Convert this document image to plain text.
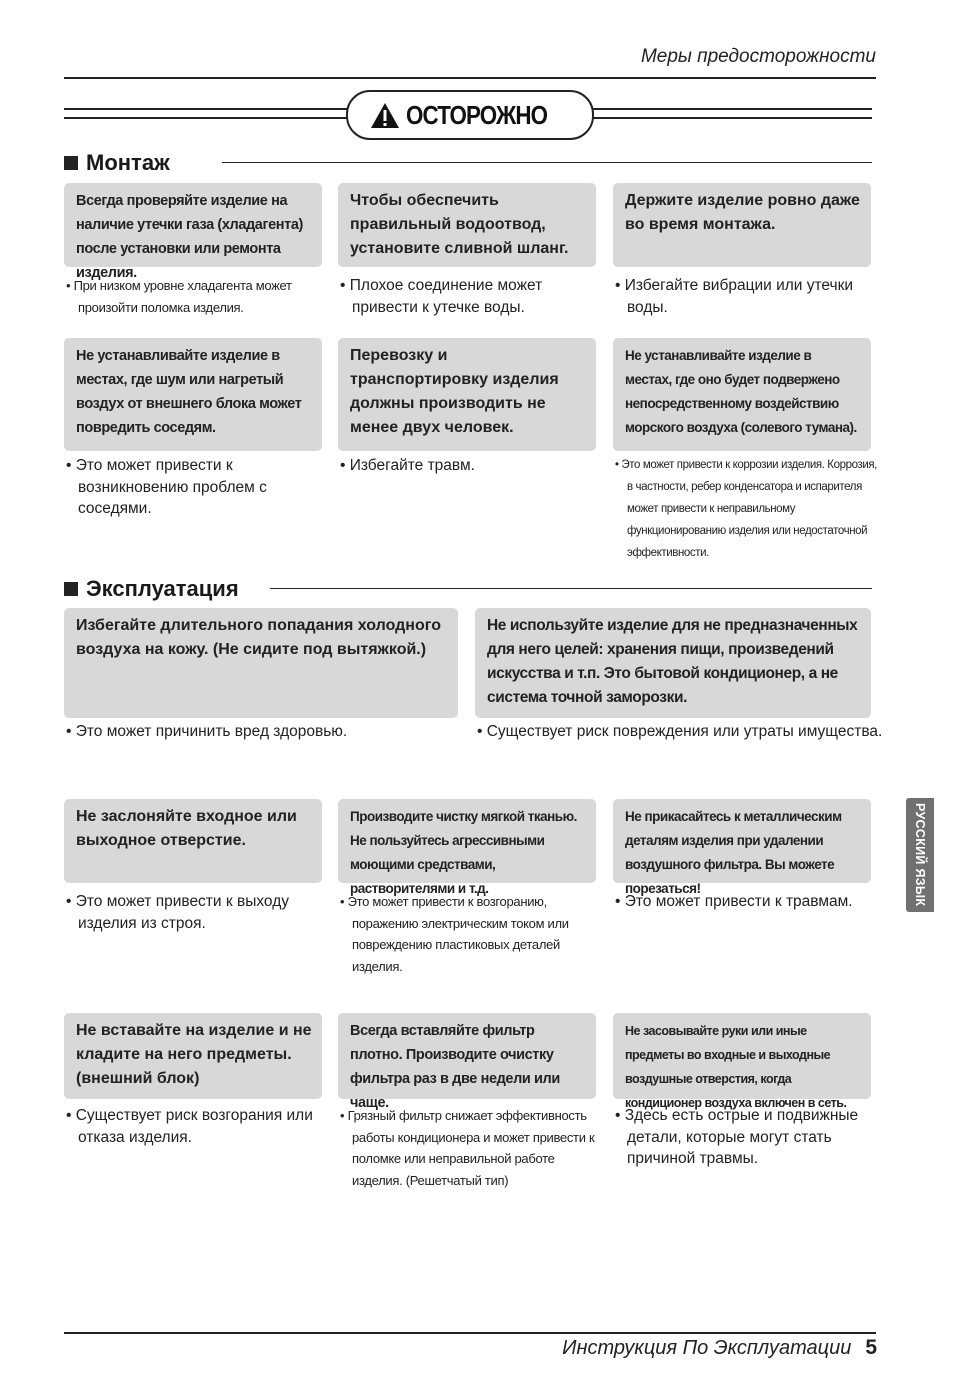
Меры предосторожности
ОСТОРОЖНО
Монтаж
Всегда проверяйте изделие на наличие утечки газа (хладагента) после установки или ремонта изделия.
Чтобы обеспечить правильный водоотвод, установите сливной шланг.
Держите изделие ровно даже во время монтажа.
• При низком уровне хладагента может произойти поломка изделия.
• Плохое соединение может привести к утечке воды.
• Избегайте вибрации или утечки воды.
Не устанавливайте изделие в местах, где шум или нагретый воздух от внешнего блока может повредить соседям.
Перевозку и транспортировку изделия должны производить не менее двух человек.
Не устанавливайте изделие в местах, где оно будет подвержено непосредственному воздействию морского воздуха (солевого тумана).
• Это может привести к возникновению проблем с соседями.
• Избегайте травм.	• Это может привести к коррозии изделия. Коррозия, в частности, ребер конденсатора и испарителя может привести к неправильному функционированию изделия или недостаточной эффективности.
Эксплуатация
Избегайте длительного попадания холодного воздуха на кожу. (Не сидите под вытяжкой.)
Не используйте изделие для не предназначенных для него целей: хранения пищи, произведений искусства и т.п. Это бытовой кондиционер, а не система точной заморозки.
• Это может причинить вред здоровью.	• Существует риск повреждения или утраты имущества.
Не заслоняйте входное или выходное отверстие.
Производите чистку мягкой тканью. Не пользуйтесь агрессивными моющими средствами, растворителями и т.д.
Не прикасайтесь к металлическим деталям изделия при удалении воздушного фильтра. Вы можете порезаться!
• Это может привести к выходу изделия из строя.
• Это может привести к возгоранию, поражению электрическим током или повреждению пластиковых деталей изделия.
• Это может привести к травмам.
Не вставайте на изделие и не кладите на него предметы. (внешний блок)
Всегда вставляйте фильтр плотно. Производите очистку фильтра раз в две недели или чаще.
Не засовывайте руки или иные предметы во входные и выходные воздушные отверстия, когда кондиционер воздуха включен в сеть.
• Существует риск возгорания или отказа изделия.
• Грязный фильтр снижает эффективность работы кондиционера и может привести к поломке или неправильной работе изделия. (Решетчатый тип)
• Здесь есть острые и подвижные детали, которые могут стать причиной травмы.
РУССКИЙ ЯЗЫК
Инструкция По Эксплуатации 5
